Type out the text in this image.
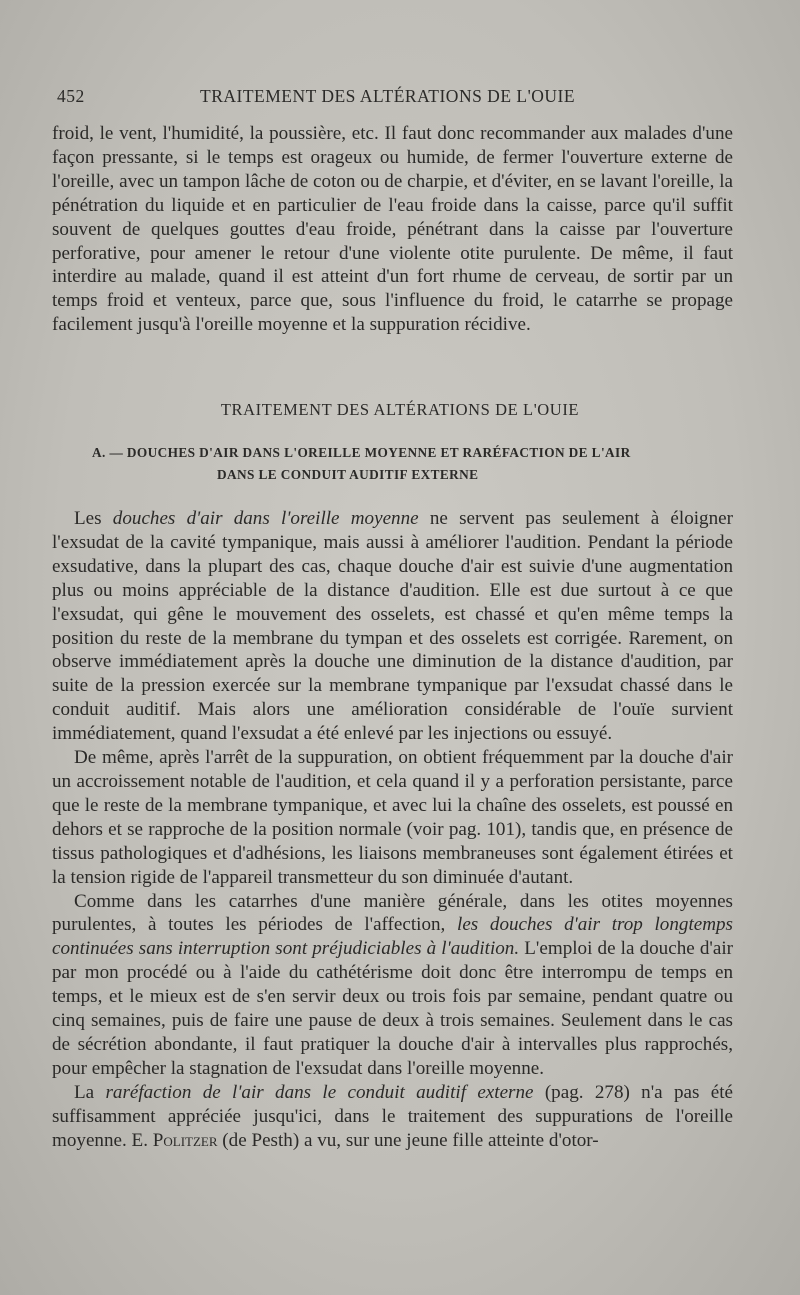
452	TRAITEMENT DES ALTÉRATIONS DE L'OUIE

froid, le vent, l'humidité, la poussière, etc. Il faut donc recommander aux malades d'une façon pressante, si le temps est orageux ou humide, de fermer l'ouverture externe de l'oreille, avec un tampon lâche de coton ou de charpie, et d'éviter, en se lavant l'oreille, la pénétration du liquide et en particulier de l'eau froide dans la caisse, parce qu'il suffit souvent de quelques gouttes d'eau froide, pénétrant dans la caisse par l'ouverture perforative, pour amener le retour d'une violente otite purulente. De même, il faut interdire au malade, quand il est atteint d'un fort rhume de cerveau, de sortir par un temps froid et venteux, parce que, sous l'influence du froid, le catarrhe se propage facilement jusqu'à l'oreille moyenne et la suppuration récidive.

TRAITEMENT DES ALTÉRATIONS DE L'OUIE
A. — DOUCHES D'AIR DANS L'OREILLE MOYENNE ET RARÉFACTION DE L'AIR
DANS LE CONDUIT AUDITIF EXTERNE

Les douches d'air dans l'oreille moyenne ne servent pas seulement à éloigner l'exsudat de la cavité tympanique, mais aussi à améliorer l'audition. Pendant la période exsudative, dans la plupart des cas, chaque douche d'air est suivie d'une augmentation plus ou moins appréciable de la distance d'audition. Elle est due surtout à ce que l'exsudat, qui gêne le mouvement des osselets, est chassé et qu'en même temps la position du reste de la membrane du tympan et des osselets est corrigée. Rarement, on observe immédiatement après la douche une diminution de la distance d'audition, par suite de la pression exercée sur la membrane tympanique par l'exsudat chassé dans le conduit auditif. Mais alors une amélioration considérable de l'ouïe survient immédiatement, quand l'exsudat a été enlevé par les injections ou essuyé.

De même, après l'arrêt de la suppuration, on obtient fréquemment par la douche d'air un accroissement notable de l'audition, et cela quand il y a perforation persistante, parce que le reste de la membrane tympanique, et avec lui la chaîne des osselets, est poussé en dehors et se rapproche de la position normale (voir pag. 101), tandis que, en présence de tissus pathologiques et d'adhésions, les liaisons membraneuses sont également étirées et la tension rigide de l'appareil transmetteur du son diminuée d'autant.

Comme dans les catarrhes d'une manière générale, dans les otites moyennes purulentes, à toutes les périodes de l'affection, les douches d'air trop longtemps continuées sans interruption sont préjudiciables à l'audition. L'emploi de la douche d'air par mon procédé ou à l'aide du cathétérisme doit donc être interrompu de temps en temps, et le mieux est de s'en servir deux ou trois fois par semaine, pendant quatre ou cinq semaines, puis de faire une pause de deux à trois semaines. Seulement dans le cas de sécrétion abondante, il faut pratiquer la douche d'air à intervalles plus rapprochés, pour empêcher la stagnation de l'exsudat dans l'oreille moyenne.

La raréfaction de l'air dans le conduit auditif externe (pag. 278) n'a pas été suffisamment appréciée jusqu'ici, dans le traitement des suppurations de l'oreille moyenne. E. Politzer (de Pesth) a vu, sur une jeune fille atteinte d'otor-
